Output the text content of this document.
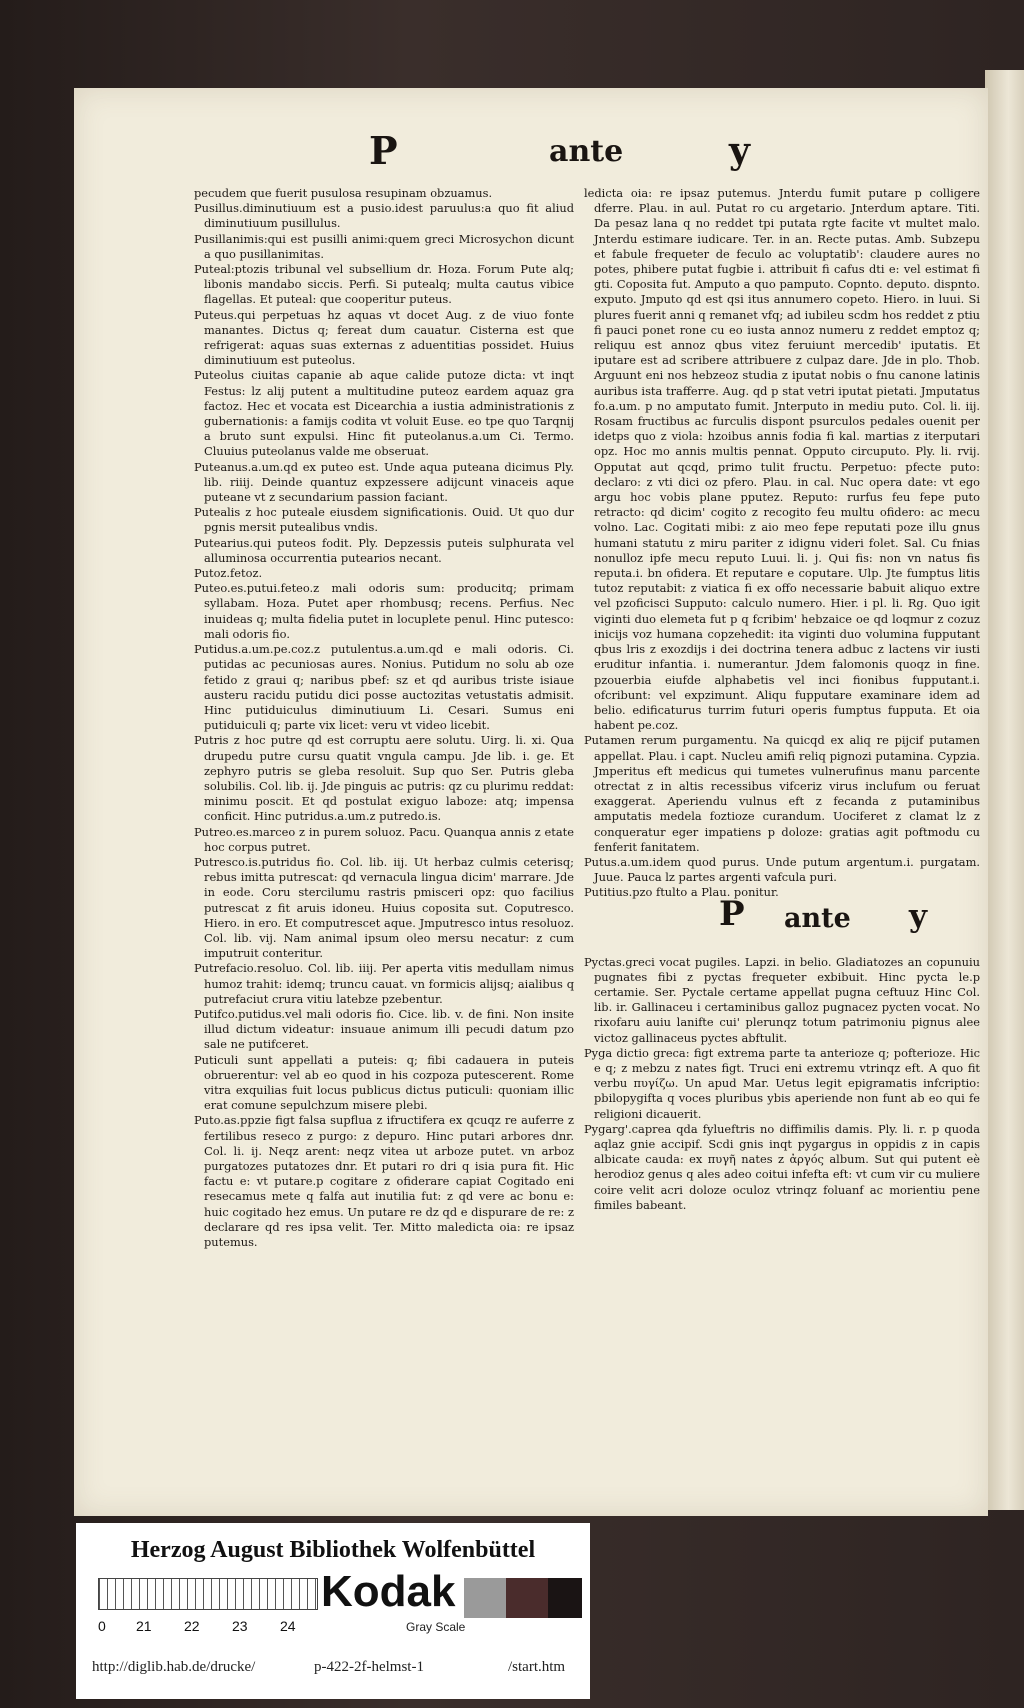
P	ante	y

pecudem que fuerit pusulosa resupinam obzuamus.

Pusillus.diminutiuum est a pusio.idest paruulus:a quo fit aliud diminutiuum pusillulus.

Pusillanimis:qui est pusilli animi:quem greci Microsychon dicunt a quo pusillanimitas.

Puteal:ptozis tribunal vel subsellium dr. Hoza. Forum Pute alq; libonis mandabo siccis. Perfi. Si putealq; multa cautus vibice flagellas. Et puteal: que cooperitur puteus.

Puteus.qui perpetuas hz aquas vt docet Aug. z de viuo fonte manantes. Dictus q; fereat dum cauatur. Cisterna est que refrigerat: aquas suas externas z aduentitias possidet. Huius diminutiuum est puteolus.

Puteolus ciuitas capanie ab aque calide putoze dicta: vt inqt Festus: lz alij putent a multitudine puteoz eardem aquaz gra factoz. Hec et vocata est Dicearchia a iustia administrationis z gubernationis: a famijs codita vt voluit Euse. eo tpe quo Tarqnij a bruto sunt expulsi. Hinc fit puteolanus.a.um Ci. Termo. Cluuius puteolanus valde me obseruat.

Puteanus.a.um.qd ex puteo est. Unde aqua puteana dicimus Ply. lib. riiij. Deinde quantuz expzessere adijcunt vinaceis aque puteane vt z secundarium passion faciant.

Putealis z hoc puteale eiusdem significationis. Ouid. Ut quo dur pgnis mersit putealibus vndis.

Putearius.qui puteos fodit. Ply. Depzessis puteis sulphurata vel alluminosa occurrentia putearios necant.

Putoz.fetoz.

Puteo.es.putui.feteo.z mali odoris sum: producitq; primam syllabam. Hoza. Putet aper rhombusq; recens. Perfius. Nec inuideas q; multa fidelia putet in locuplete penul. Hinc putesco: mali odoris fio.

Putidus.a.um.pe.coz.z putulentus.a.um.qd e mali odoris. Ci. putidas ac pecuniosas aures. Nonius. Putidum no solu ab oze fetido z graui q; naribus pbef: sz et qd auribus triste isiaue austeru racidu putidu dici posse auctozitas vetustatis admisit. Hinc putiduiculus diminutiuum Li. Cesari. Sumus eni putiduiculi q; parte vix licet: veru vt video licebit.

Putris z hoc putre qd est corruptu aere solutu. Uirg. li. xi. Qua drupedu putre cursu quatit vngula campu. Jde lib. i. ge. Et zephyro putris se gleba resoluit. Sup quo Ser. Putris gleba solubilis. Col. lib. ij. Jde pinguis ac putris: qz cu plurimu reddat: minimu poscit. Et qd postulat exiguo laboze: atq; impensa conficit. Hinc putridus.a.um.z putredo.is.

Putreo.es.marceo z in purem soluoz. Pacu. Quanqua annis z etate hoc corpus putret.

Putresco.is.putridus fio. Col. lib. iij. Ut herbaz culmis ceterisq; rebus imitta putrescat: qd vernacula lingua dicim' marrare. Jde in eode. Coru stercilumu rastris pmisceri opz: quo facilius putrescat z fit aruis idoneu. Huius coposita sut. Coputresco. Hiero. in ero. Et computrescet aque. Jmputresco intus resoluoz. Col. lib. vij. Nam animal ipsum oleo mersu necatur: z cum imputruit conteritur.

Putrefacio.resoluo. Col. lib. iiij. Per aperta vitis medullam nimus humoz trahit: idemq; truncu cauat. vn formicis alijsq; aialibus q putrefaciut crura vitiu latebze pzebentur.

Putifco.putidus.vel mali odoris fio. Cice. lib. v. de fini. Non insite illud dictum videatur: insuaue animum illi pecudi datum pzo sale ne putifceret.

Puticuli sunt appellati a puteis: q; fibi cadauera in puteis obruerentur: vel ab eo quod in his cozpoza putescerent. Rome vitra exquilias fuit locus publicus dictus puticuli: quoniam illic erat comune sepulchzum misere plebi.

Puto.as.ppzie figt falsa supflua z ifructifera ex qcuqz re auferre z fertilibus reseco z purgo: z depuro. Hinc putari arbores dnr. Col. li. ij. Neqz arent: neqz vitea ut arboze putet. vn arboz purgatozes putatozes dnr. Et putari ro dri q isia pura fit. Hic factu e: vt putare.p cogitare z ofiderare capiat Cogitado eni resecamus mete q falfa aut inutilia fut: z qd vere ac bonu e: huic cogitado hez emus. Un putare re dz qd e dispurare de re: z declarare qd res ipsa velit. Ter. Mitto maledicta oia: re ipsaz putemus.

ledicta oia: re ipsaz putemus. Jnterdu fumit putare p colligere dferre. Plau. in aul. Putat ro cu argetario. Jnterdum aptare. Titi. Da pesaz lana q no reddet tpi putata rgte facite vt multet malo. Jnterdu estimare iudicare. Ter. in an. Recte putas. Amb. Subzepu et fabule frequeter de feculo ac voluptatib': claudere aures no potes, phibere putat fugbie i. attribuit fi cafus dti e: vel estimat fi gti. Coposita fut. Amputo a quo pamputo. Copnto. deputo. dispnto. exputo. Jmputo qd est qsi itus annumero copeto. Hiero. in luui. Si plures fuerit anni q remanet vfq; ad iubileu scdm hos reddet z ptiu fi pauci ponet rone cu eo iusta annoz numeru z reddet emptoz q; reliquu est annoz qbus vitez feruiunt mercedib' iputatis. Et iputare est ad scribere attribuere z culpaz dare. Jde in plo. Thob. Arguunt eni nos hebzeoz studia z iputat nobis o fnu canone latinis auribus ista trafferre. Aug. qd p stat vetri iputat pietati. Jmputatus fo.a.um. p no amputato fumit. Jnterputo in mediu puto. Col. li. iij. Rosam fructibus ac furculis dispont psurculos pedales ouenit per idetps quo z viola: hzoibus annis fodia fi kal. martias z iterputari opz. Hoc mo annis multis pennat. Opputo circuputo. Ply. li. rvij. Opputat aut qcqd, primo tulit fructu. Perpetuo: pfecte puto: declaro: z vti dici oz pfero. Plau. in cal. Nuc opera date: vt ego argu hoc vobis plane pputez. Reputo: rurfus feu fepe puto retracto: qd dicim' cogito z recogito feu multu ofidero: ac mecu volno. Lac. Cogitati mibi: z aio meo fepe reputati poze illu gnus humani statutu z miru pariter z idignu videri folet. Sal. Cu fnias nonulloz ipfe mecu reputo Luui. li. j. Qui fis: non vn natus fis reputa.i. bn ofidera. Et reputare e coputare. Ulp. Jte fumptus litis tutoz reputabit: z viatica fi ex offo necessarie babuit aliquo extre vel pzoficisci Supputo: calculo numero. Hier. i pl. li. Rg. Quo igit viginti duo elemeta fut p q fcribim' hebzaice oe qd loqmur z cozuz inicijs voz humana copzehedit: ita viginti duo volumina fupputant qbus lris z exozdijs i dei doctrina tenera adbuc z lactens vir iusti eruditur infantia. i. numerantur. Jdem falomonis quoqz in fine. pzouerbia eiufde alphabetis vel inci fionibus fupputant.i. ofcribunt: vel expzimunt. Aliqu fupputare examinare idem ad belio. edificaturus turrim futuri operis fumptus fupputa. Et oia habent pe.coz.

Putamen rerum purgamentu. Na quicqd ex aliq re pijcif putamen appellat. Plau. i capt. Nucleu amifi reliq pignozi putamina. Cypzia. Jmperitus eft medicus qui tumetes vulnerufinus manu parcente otrectat z in altis recessibus vifceriz virus inclufum ou feruat exaggerat. Aperiendu vulnus eft z fecanda z putaminibus amputatis medela foztioze curandum. Uociferet z clamat lz z conqueratur eger impatiens p doloze: gratias agit poftmodu cu fenferit fanitatem.

Putus.a.um.idem quod purus. Unde putum argentum.i. purgatam. Juue. Pauca lz partes argenti vafcula puri.

Putitius.pzo ftulto a Plau. ponitur.

P ante y

Pyctas.greci vocat pugiles. Lapzi. in belio. Gladiatozes an copunuiu pugnates fibi z pyctas frequeter exbibuit. Hinc pycta le.p certamie. Ser. Pyctale certame appellat pugna ceftuuz Hinc Col. lib. ir. Gallinaceu i certaminibus galloz pugnacez pycten vocat. No rixofaru auiu lanifte cui' plerunqz totum patrimoniu pignus alee victoz gallinaceus pyctes abftulit.

Pyga dictio greca: figt extrema parte ta anterioze q; pofterioze. Hic e q; z mebzu z nates figt. Truci eni extremu vtrinqz eft. A quo fit verbu πυγίζω. Un apud Mar. Uetus legit epigramatis infcriptio: pbilopygifta q voces pluribus ybis aperiende non funt ab eo qui fe religioni dicauerit.

Pygarg'.caprea qda fylueftris no diffimilis damis. Ply. li. r. p quoda aqlaz gnie accipif. Scdi gnis inqt pygargus in oppidis z in capis albicate cauda: ex πυγῆ nates z ἀργός album. Sut qui putent eè herodioz genus q ales adeo coitui infefta eft: vt cum vir cu muliere coire velit acri doloze oculoz vtrinqz foluanf ac morientiu pene fimiles babeant.

Herzog August Bibliothek Wolfenbüttel
0 21 22 23 24
Kodak
Gray Scale
http://diglib.hab.de/drucke/	p-422-2f-helmst-1	/start.htm
